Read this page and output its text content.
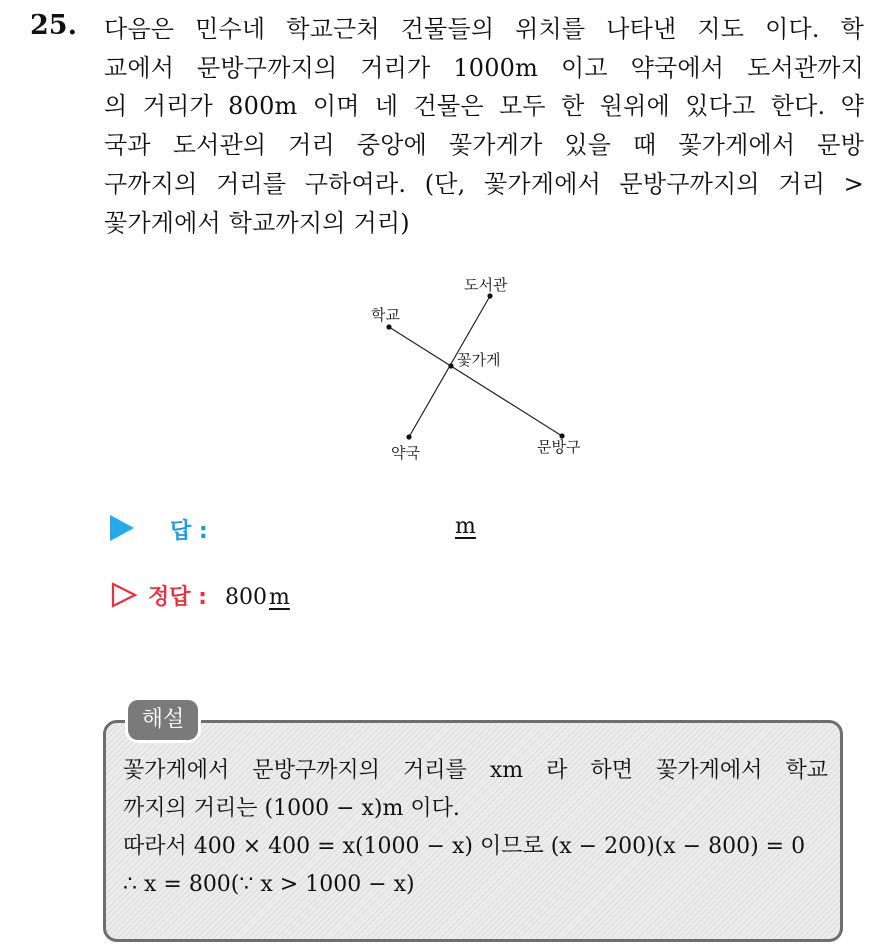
25. 다음은 민수네 학교근처 건물들의 위치를 나타낸 지도 이다. 학
교에서 문방구까지의 거리가 1000m 이고 약국에서 도서관까지
의 거리가 800m 이며 네 건물은 모두 한 원위에 있다고 한다. 약
국과 도서관의 거리 중앙에 꽃가게가 있을 때 꽃가게에서 문방
구까지의 거리를 구하여라. (단, 꽃가게에서 문방구까지의 거리 >
꽃가게에서 학교까지의 거리)
도서관
학교
꽃가게
약국	문방구
답 :	m
정답 : 800 m
해설
꽃가게에서 문방구까지의 거리를 xm 라 하면 꽃가게에서 학교
까지의 거리는 (1000 − x)m 이다.
따라서 400 × 400 = x(1000 − x) 이므로 (x − 200)(x − 800) = 0
∴ x = 800(∵ x > 1000 − x)
